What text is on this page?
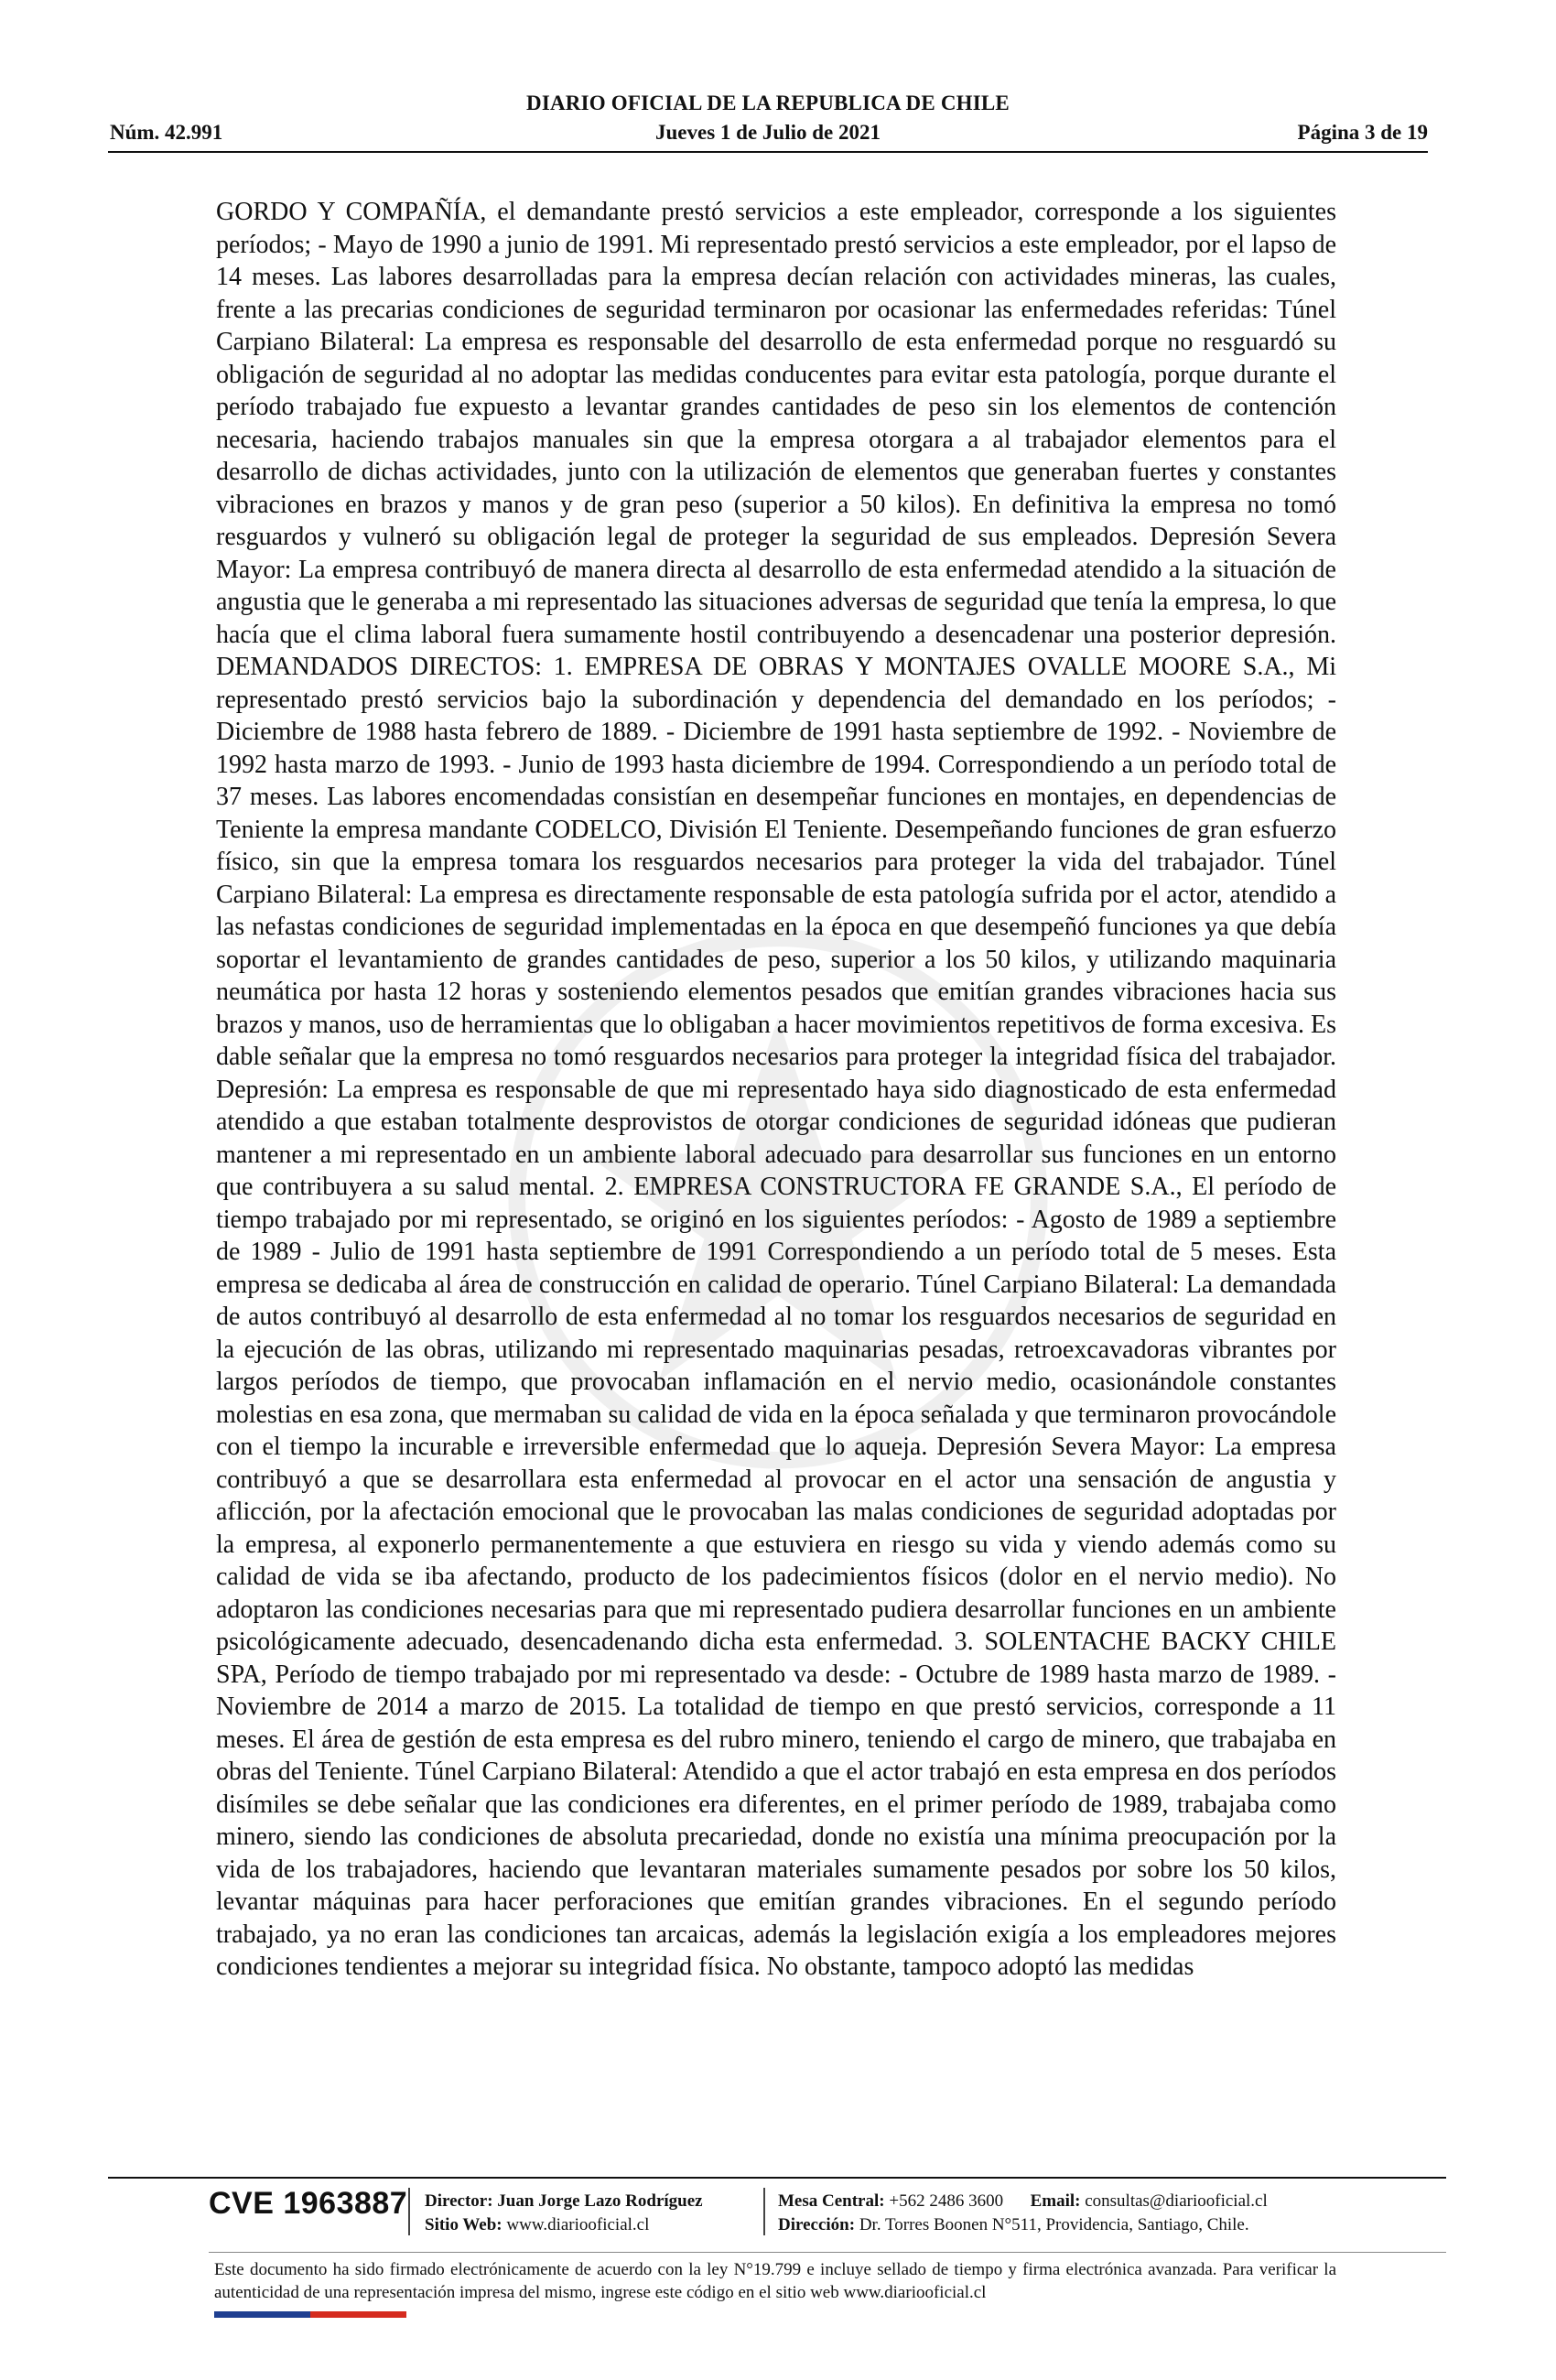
DIARIO OFICIAL DE LA REPUBLICA DE CHILE
Núm. 42.991	Jueves 1 de Julio de 2021	Página 3 de 19
GORDO Y COMPAÑÍA, el demandante prestó servicios a este empleador, corresponde a los siguientes períodos; - Mayo de 1990 a junio de 1991. Mi representado prestó servicios a este empleador, por el lapso de 14 meses. Las labores desarrolladas para la empresa decían relación con actividades mineras, las cuales, frente a las precarias condiciones de seguridad terminaron por ocasionar las enfermedades referidas: Túnel Carpiano Bilateral: La empresa es responsable del desarrollo de esta enfermedad porque no resguardó su obligación de seguridad al no adoptar las medidas conducentes para evitar esta patología, porque durante el período trabajado fue expuesto a levantar grandes cantidades de peso sin los elementos de contención necesaria, haciendo trabajos manuales sin que la empresa otorgara a al trabajador elementos para el desarrollo de dichas actividades, junto con la utilización de elementos que generaban fuertes y constantes vibraciones en brazos y manos y de gran peso (superior a 50 kilos). En definitiva la empresa no tomó resguardos y vulneró su obligación legal de proteger la seguridad de sus empleados. Depresión Severa Mayor: La empresa contribuyó de manera directa al desarrollo de esta enfermedad atendido a la situación de angustia que le generaba a mi representado las situaciones adversas de seguridad que tenía la empresa, lo que hacía que el clima laboral fuera sumamente hostil contribuyendo a desencadenar una posterior depresión. DEMANDADOS DIRECTOS: 1. EMPRESA DE OBRAS Y MONTAJES OVALLE MOORE S.A., Mi representado prestó servicios bajo la subordinación y dependencia del demandado en los períodos; - Diciembre de 1988 hasta febrero de 1889. - Diciembre de 1991 hasta septiembre de 1992. - Noviembre de 1992 hasta marzo de 1993. - Junio de 1993 hasta diciembre de 1994. Correspondiendo a un período total de 37 meses. Las labores encomendadas consistían en desempeñar funciones en montajes, en dependencias de Teniente la empresa mandante CODELCO, División El Teniente. Desempeñando funciones de gran esfuerzo físico, sin que la empresa tomara los resguardos necesarios para proteger la vida del trabajador. Túnel Carpiano Bilateral: La empresa es directamente responsable de esta patología sufrida por el actor, atendido a las nefastas condiciones de seguridad implementadas en la época en que desempeñó funciones ya que debía soportar el levantamiento de grandes cantidades de peso, superior a los 50 kilos, y utilizando maquinaria neumática por hasta 12 horas y sosteniendo elementos pesados que emitían grandes vibraciones hacia sus brazos y manos, uso de herramientas que lo obligaban a hacer movimientos repetitivos de forma excesiva. Es dable señalar que la empresa no tomó resguardos necesarios para proteger la integridad física del trabajador. Depresión: La empresa es responsable de que mi representado haya sido diagnosticado de esta enfermedad atendido a que estaban totalmente desprovistos de otorgar condiciones de seguridad idóneas que pudieran mantener a mi representado en un ambiente laboral adecuado para desarrollar sus funciones en un entorno que contribuyera a su salud mental. 2. EMPRESA CONSTRUCTORA FE GRANDE S.A., El período de tiempo trabajado por mi representado, se originó en los siguientes períodos: - Agosto de 1989 a septiembre de 1989 - Julio de 1991 hasta septiembre de 1991 Correspondiendo a un período total de 5 meses. Esta empresa se dedicaba al área de construcción en calidad de operario. Túnel Carpiano Bilateral: La demandada de autos contribuyó al desarrollo de esta enfermedad al no tomar los resguardos necesarios de seguridad en la ejecución de las obras, utilizando mi representado maquinarias pesadas, retroexcavadoras vibrantes por largos períodos de tiempo, que provocaban inflamación en el nervio medio, ocasionándole constantes molestias en esa zona, que mermaban su calidad de vida en la época señalada y que terminaron provocándole con el tiempo la incurable e irreversible enfermedad que lo aqueja. Depresión Severa Mayor: La empresa contribuyó a que se desarrollara esta enfermedad al provocar en el actor una sensación de angustia y aflicción, por la afectación emocional que le provocaban las malas condiciones de seguridad adoptadas por la empresa, al exponerlo permanentemente a que estuviera en riesgo su vida y viendo además como su calidad de vida se iba afectando, producto de los padecimientos físicos (dolor en el nervio medio). No adoptaron las condiciones necesarias para que mi representado pudiera desarrollar funciones en un ambiente psicológicamente adecuado, desencadenando dicha esta enfermedad. 3. SOLENTACHE BACKY CHILE SPA, Período de tiempo trabajado por mi representado va desde: - Octubre de 1989 hasta marzo de 1989. - Noviembre de 2014 a marzo de 2015. La totalidad de tiempo en que prestó servicios, corresponde a 11 meses. El área de gestión de esta empresa es del rubro minero, teniendo el cargo de minero, que trabajaba en obras del Teniente. Túnel Carpiano Bilateral: Atendido a que el actor trabajó en esta empresa en dos períodos disímiles se debe señalar que las condiciones era diferentes, en el primer período de 1989, trabajaba como minero, siendo las condiciones de absoluta precariedad, donde no existía una mínima preocupación por la vida de los trabajadores, haciendo que levantaran materiales sumamente pesados por sobre los 50 kilos, levantar máquinas para hacer perforaciones que emitían grandes vibraciones. En el segundo período trabajado, ya no eran las condiciones tan arcaicas, además la legislación exigía a los empleadores mejores condiciones tendientes a mejorar su integridad física. No obstante, tampoco adoptó las medidas
CVE 1963887 Director: Juan Jorge Lazo Rodríguez
Sitio Web: www.diariooficial.cl
Mesa Central: +562 2486 3600 Email: consultas@diariooficial.cl
Dirección: Dr. Torres Boonen N°511, Providencia, Santiago, Chile.
Este documento ha sido firmado electrónicamente de acuerdo con la ley N°19.799 e incluye sellado de tiempo y firma electrónica avanzada. Para verificar la autenticidad de una representación impresa del mismo, ingrese este código en el sitio web www.diariooficial.cl
